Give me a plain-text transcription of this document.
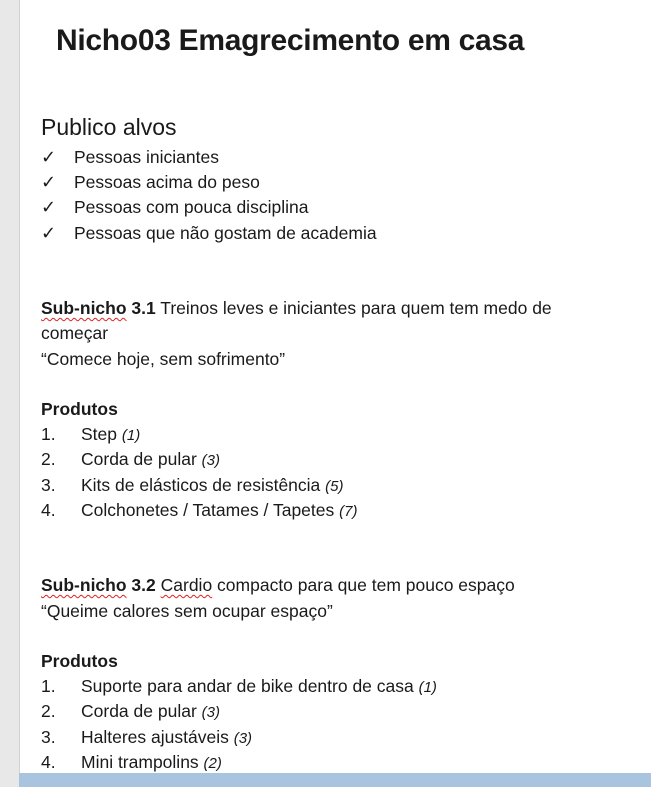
Nicho03 Emagrecimento em casa
Publico alvos
✓ Pessoas iniciantes
✓ Pessoas acima do peso
✓ Pessoas com pouca disciplina
✓ Pessoas que não gostam de academia
Sub-nicho 3.1 Treinos leves e iniciantes para quem tem medo de
começar
“Comece hoje, sem sofrimento”
Produtos
1. Step (1)
2. Corda de pular (3)
3. Kits de elásticos de resistência (5)
4. Colchonetes / Tatames / Tapetes (7)
Sub-nicho 3.2 Cardio compacto para que tem pouco espaço
“Queime calores sem ocupar espaço”
Produtos
1. Suporte para andar de bike dentro de casa (1)
2. Corda de pular (3)
3. Halteres ajustáveis (3)
4. Mini trampolins (2)
